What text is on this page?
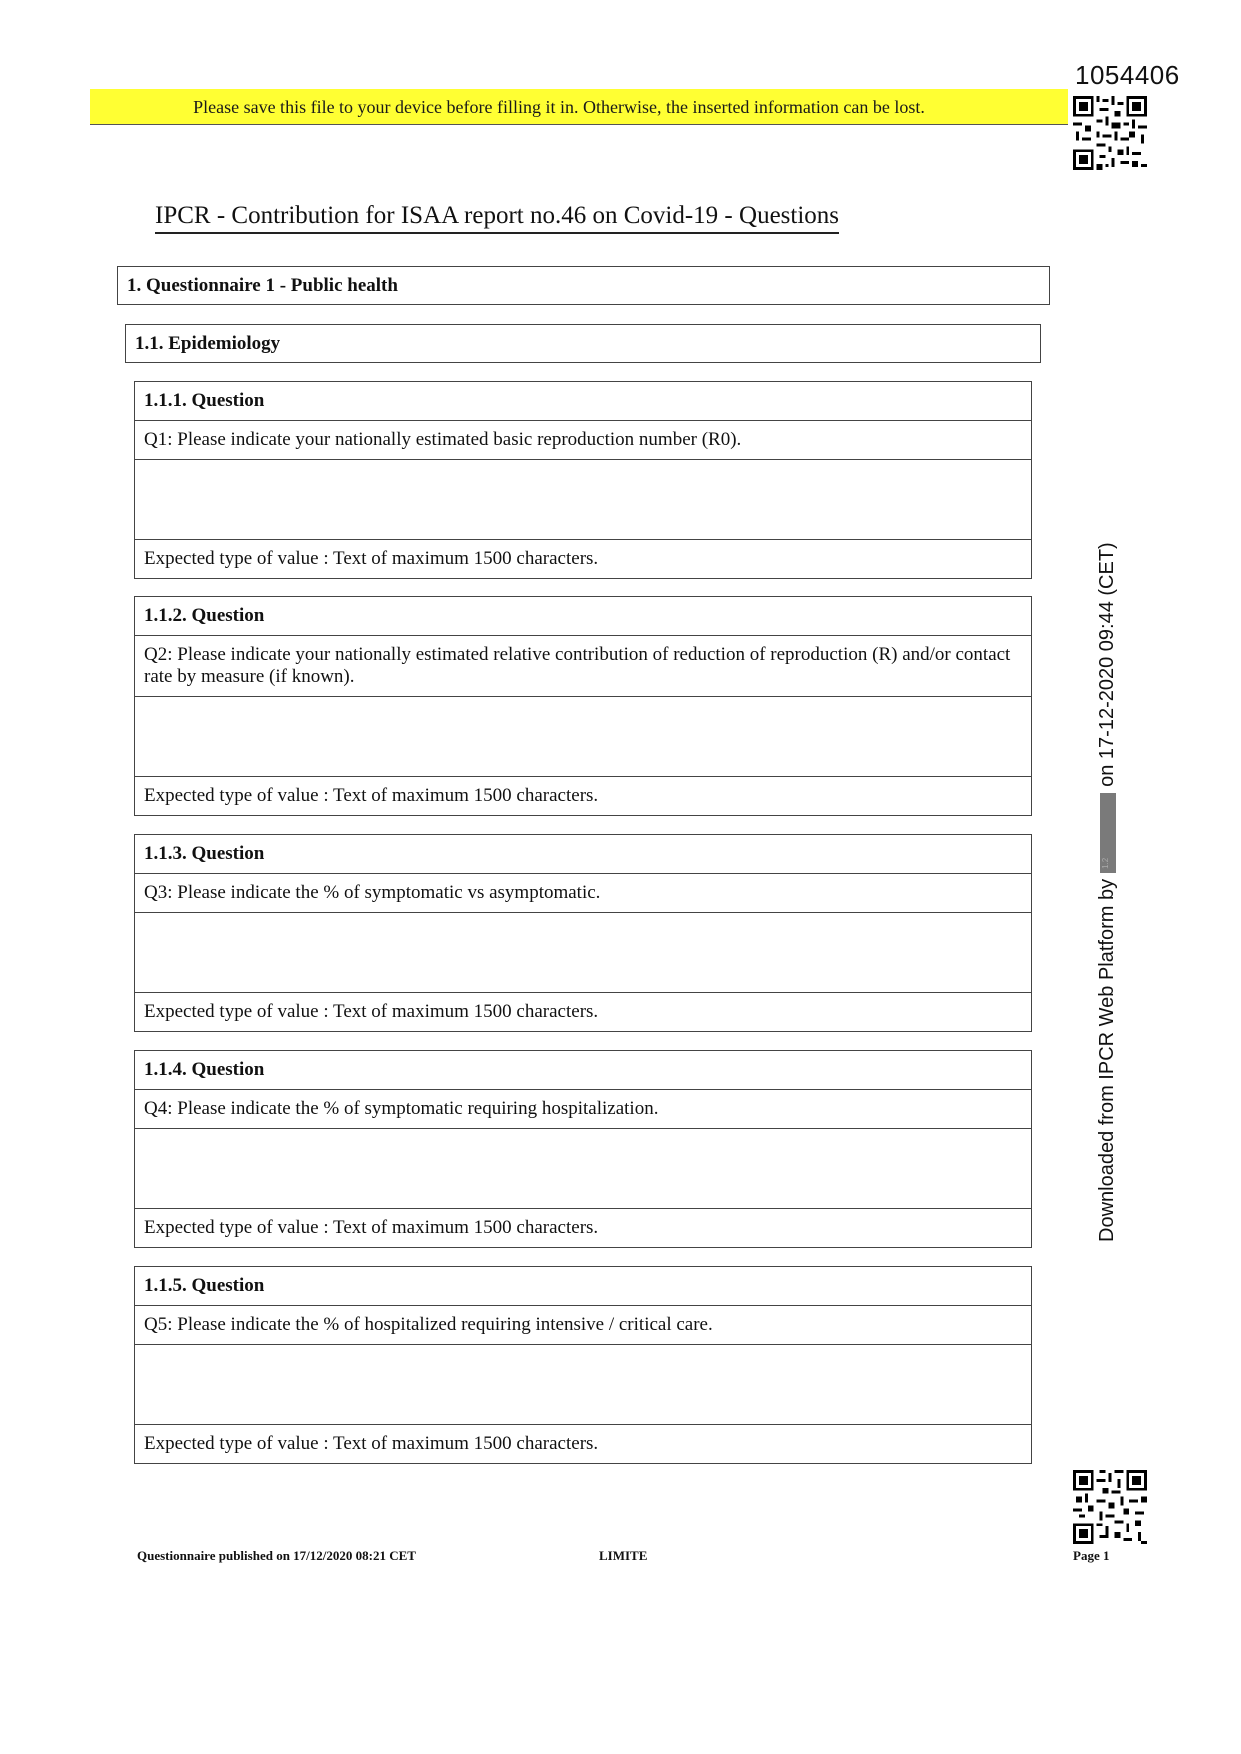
1054406
Please save this file to your device before filling it in. Otherwise, the inserted information can be lost.
IPCR - Contribution for ISAA report no.46 on Covid-19 - Questions
1. Questionnaire 1 - Public health
1.1. Epidemiology
1.1.1. Question
Q1: Please indicate your nationally estimated basic reproduction number (R0).
Expected type of value : Text of maximum 1500 characters.
1.1.2. Question
Q2: Please indicate your nationally estimated relative contribution of reduction of reproduction (R) and/or contact rate by measure (if known).
Expected type of value : Text of maximum 1500 characters.
1.1.3. Question
Q3: Please indicate the % of symptomatic vs asymptomatic.
Expected type of value : Text of maximum 1500 characters.
1.1.4. Question
Q4: Please indicate the % of symptomatic requiring hospitalization.
Expected type of value : Text of maximum 1500 characters.
1.1.5. Question
Q5: Please indicate the % of hospitalized requiring intensive / critical care.
Expected type of value : Text of maximum 1500 characters.
Downloaded from IPCR Web Platform by
1.2
on 17-12-2020 09:44 (CET)
Questionnaire published on 17/12/2020 08:21 CET	LIMITE	Page 1
